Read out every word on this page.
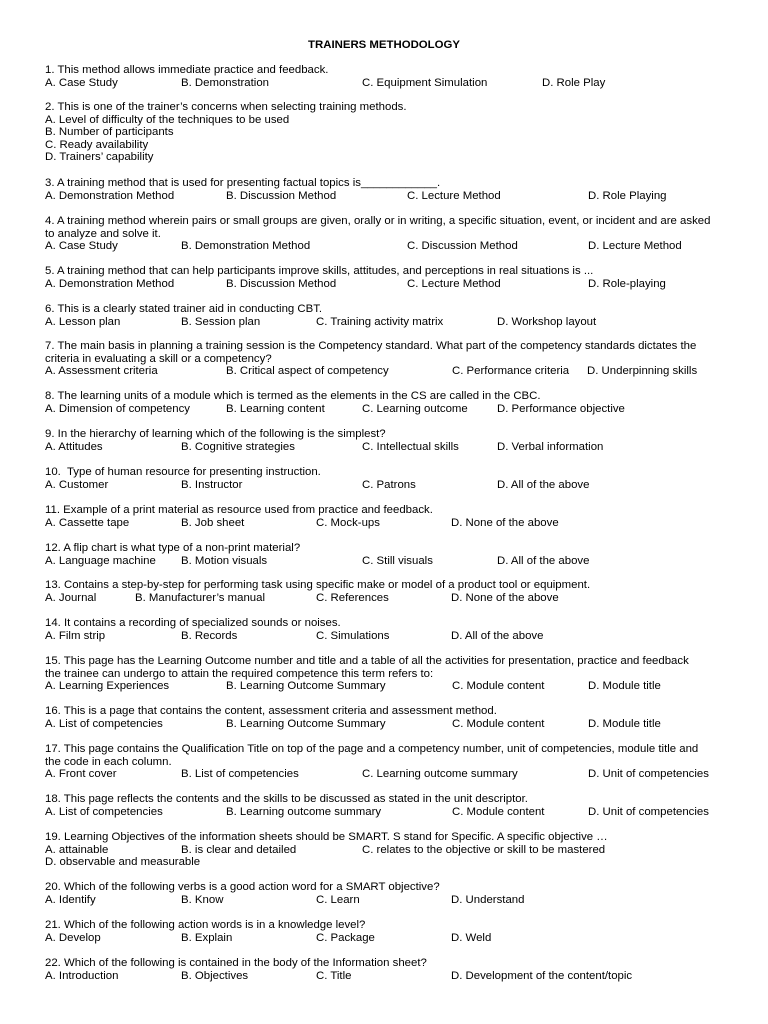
TRAINERS METHODOLOGY
1. This method allows immediate practice and feedback.
A. Case Study	B. Demonstration	C. Equipment Simulation	D. Role Play
2. This is one of the trainer’s concerns when selecting training methods.
A. Level of difficulty of the techniques to be used
B. Number of participants
C. Ready availability
D. Trainers’ capability
3. A training method that is used for presenting factual topics is____________.
A. Demonstration Method	B. Discussion Method	C. Lecture Method	D. Role Playing
4. A training method wherein pairs or small groups are given, orally or in writing, a specific situation, event, or incident and are asked to analyze and solve it.
A. Case Study	B. Demonstration Method	C. Discussion Method	D. Lecture Method
5. A training method that can help participants improve skills, attitudes, and perceptions in real situations is ...
A. Demonstration Method	B. Discussion Method	C. Lecture Method	D. Role-playing
6. This is a clearly stated trainer aid in conducting CBT.
A. Lesson plan	B. Session plan	C. Training activity matrix	D. Workshop layout
7. The main basis in planning a training session is the Competency standard. What part of the competency standards dictates the criteria in evaluating a skill or a competency?
A. Assessment criteria	B. Critical aspect of competency	C. Performance criteria D. Underpinning skills
8. The learning units of a module which is termed as the elements in the CS are called in the CBC.
A. Dimension of competency	B. Learning content	C. Learning outcome	D. Performance objective
9. In the hierarchy of learning which of the following is the simplest?
A. Attitudes	B. Cognitive strategies	C. Intellectual skills	D. Verbal information
10.  Type of human resource for presenting instruction.
A. Customer	B. Instructor	C. Patrons	D. All of the above
11. Example of a print material as resource used from practice and feedback.
A. Cassette tape	B. Job sheet	C. Mock-ups	D. None of the above
12. A flip chart is what type of a non-print material?
A. Language machine B. Motion visuals	C. Still visuals	D. All of the above
13. Contains a step-by-step for performing task using specific make or model of a product tool or equipment.
A. Journal	B. Manufacturer’s manual	C. References	D. None of the above
14. It contains a recording of specialized sounds or noises.
A. Film strip	B. Records	C. Simulations	D. All of the above
15. This page has the Learning Outcome number and title and a table of all the activities for presentation, practice and feedback the trainee can undergo to attain the required competence this term refers to:
A. Learning Experiences	B. Learning Outcome Summary	C. Module content	D. Module title
16. This is a page that contains the content, assessment criteria and assessment method.
A. List of competencies	B. Learning Outcome Summary	C. Module content	D. Module title
17. This page contains the Qualification Title on top of the page and a competency number, unit of competencies, module title and the code in each column.
A. Front cover	B. List of competencies	C. Learning outcome summary	D. Unit of competencies
18. This page reflects the contents and the skills to be discussed as stated in the unit descriptor.
A. List of competencies	B. Learning outcome summary	C. Module content	D. Unit of competencies
19. Learning Objectives of the information sheets should be SMART. S stand for Specific. A specific objective …
A. attainable	B. is clear and detailed	C. relates to the objective or skill to be mastered
D. observable and measurable
20. Which of the following verbs is a good action word for a SMART objective?
A. Identify	B. Know	C. Learn	D. Understand
21. Which of the following action words is in a knowledge level?
A. Develop	B. Explain	C. Package	D. Weld
22. Which of the following is contained in the body of the Information sheet?
A. Introduction	B. Objectives	C. Title	D. Development of the content/topic
